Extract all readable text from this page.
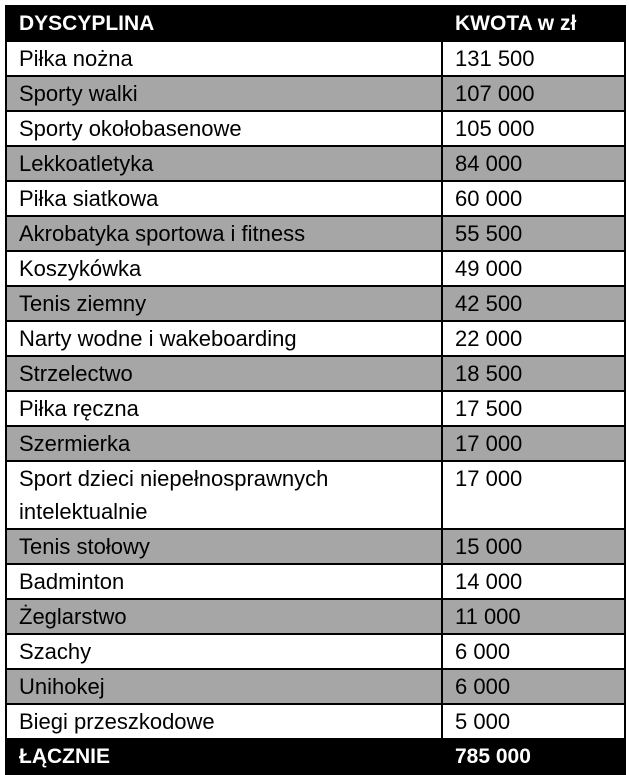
DYSCYPLINA	KWOTA w zł
Piłka nożna	131 500
Sporty walki	107 000
Sporty okołobasenowe	105 000
Lekkoatletyka	84 000
Piłka siatkowa	60 000
Akrobatyka sportowa i fitness	55 500
Koszykówka	49 000
Tenis ziemny	42 500
Narty wodne i wakeboarding	22 000
Strzelectwo	18 500
Piłka ręczna	17 500
Szermierka	17 000
Sport dzieci niepełnosprawnych intelektualnie	17 000
Tenis stołowy	15 000
Badminton	14 000
Żeglarstwo	11 000
Szachy	6 000
Unihokej	6 000
Biegi przeszkodowe	5 000
ŁĄCZNIE	785 000
